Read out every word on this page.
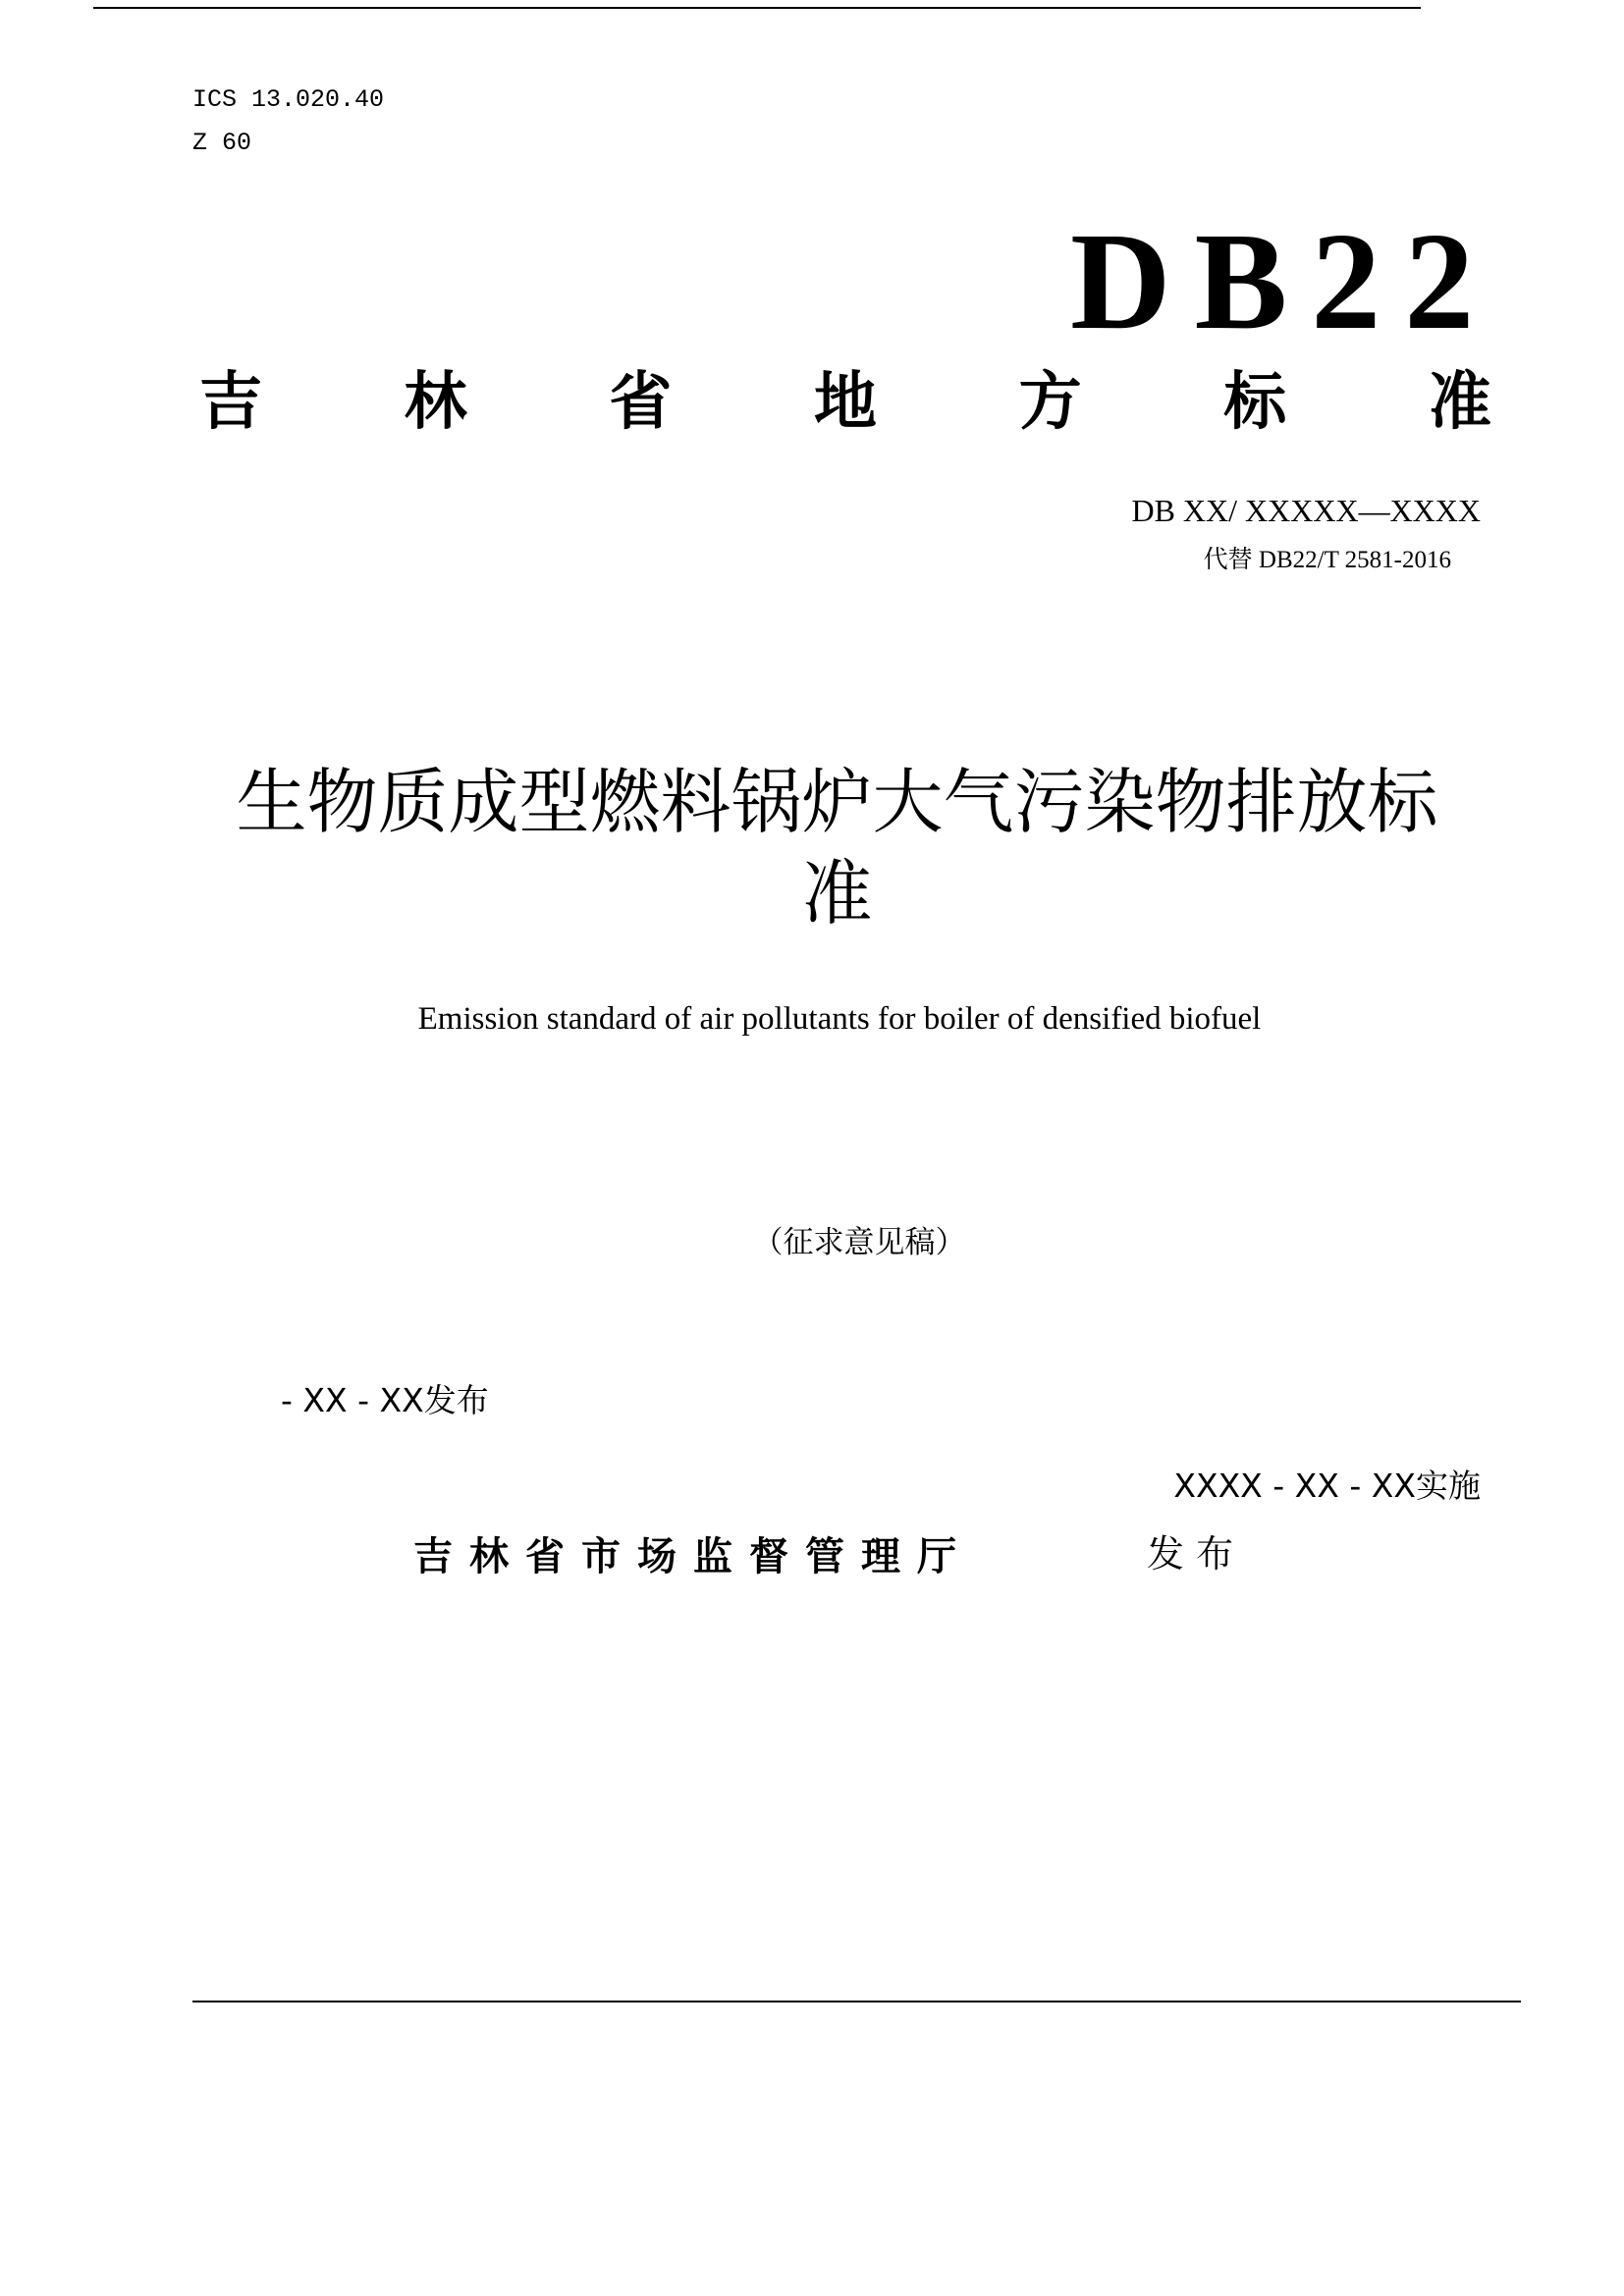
ICS 13.020.40
Z 60
DB22
吉 林 省 地 方 标 准
DB XX/ XXXXX—XXXX
代替 DB22/T 2581-2016
生物质成型燃料锅炉大气污染物排放标
准
Emission standard of air pollutants for boiler of densified biofuel
（征求意见稿）
- XX - XX发布
XXXX - XX - XX实施
吉林省市场监督管理厅	发 布
